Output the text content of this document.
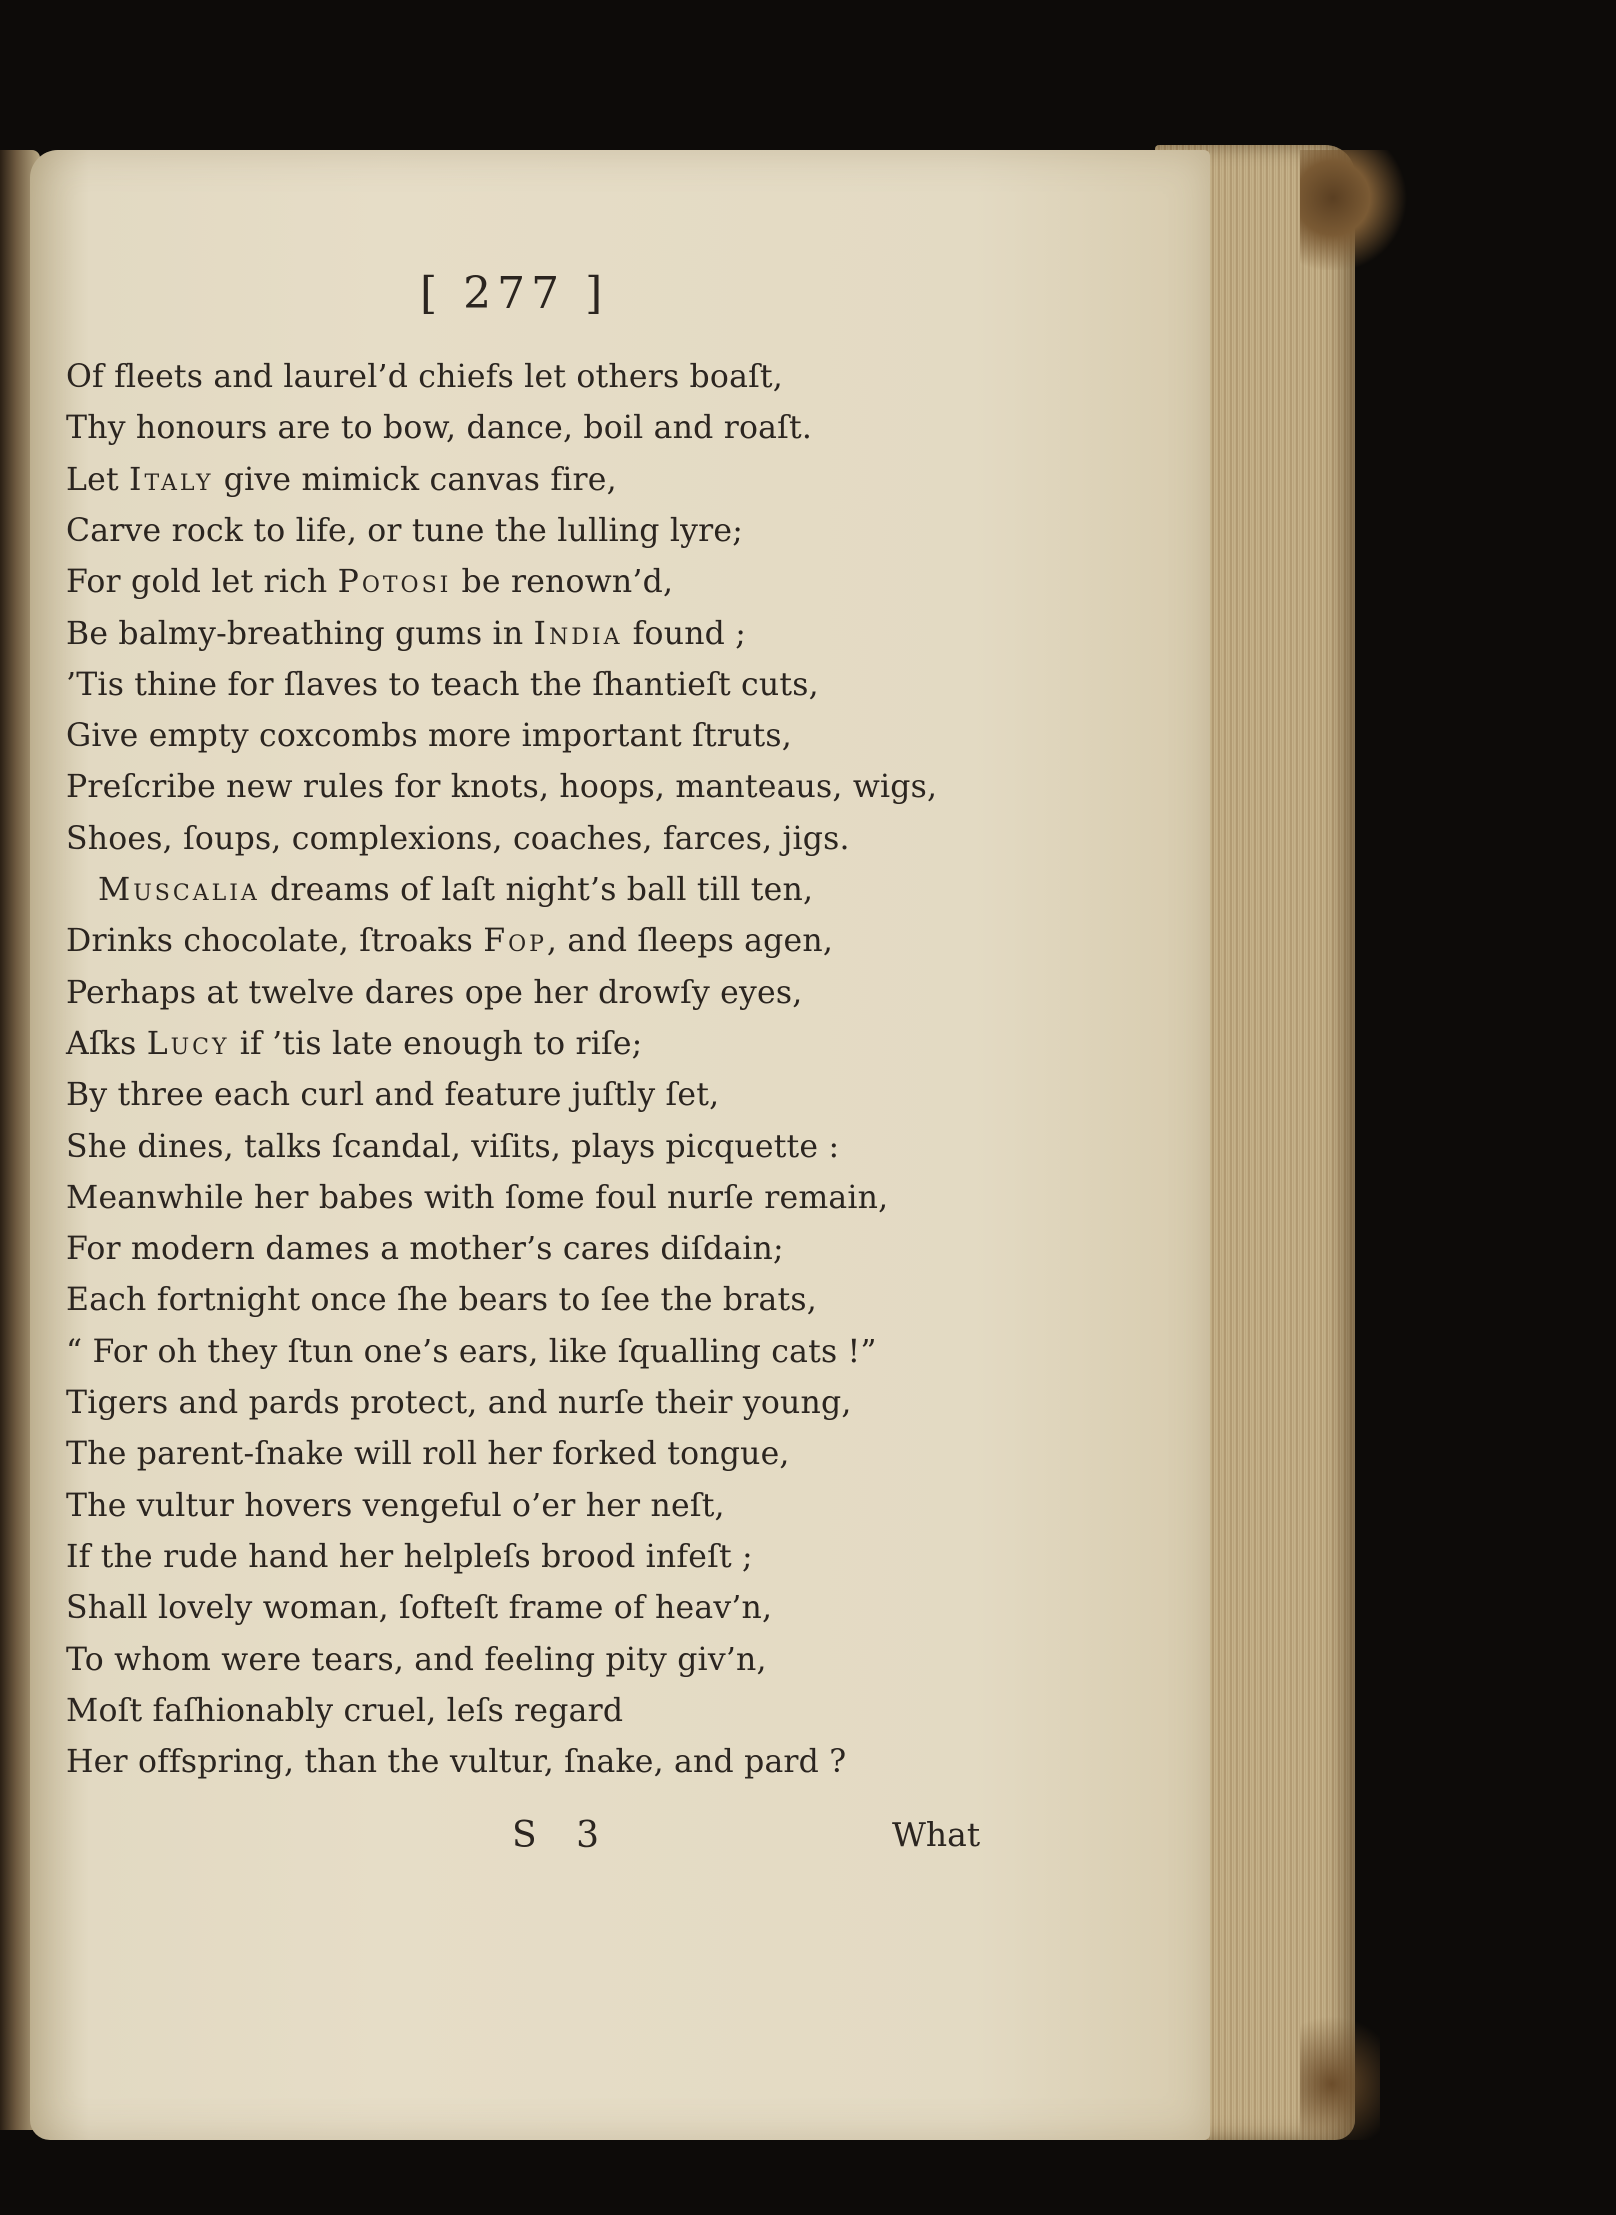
[ 277 ]
Of fleets and laurel’d chiefs let others boaſt,
Thy honours are to bow, dance, boil and roaſt.
Let Italy give mimick canvas fire,
Carve rock to life, or tune the lulling lyre;
For gold let rich Potosi be renown’d,
Be balmy-breathing gums in India found ;
’Tis thine for ſlaves to teach the ſhantieſt cuts,
Give empty coxcombs more important ſtruts,
Preſcribe new rules for knots, hoops, manteaus, wigs,
Shoes, ſoups, complexions, coaches, farces, jigs.
Muscalia dreams of laſt night’s ball till ten,
Drinks chocolate, ſtroaks Fop, and ſleeps agen,
Perhaps at twelve dares ope her drowſy eyes,
Aſks Lucy if ’tis late enough to riſe;
By three each curl and feature juſtly ſet,
She dines, talks ſcandal, viſits, plays picquette :
Meanwhile her babes with ſome foul nurſe remain,
For modern dames a mother’s cares diſdain;
Each fortnight once ſhe bears to ſee the brats,
“ For oh they ſtun one’s ears, like ſqualling cats !”
Tigers and pards protect, and nurſe their young,
The parent-ſnake will roll her forked tongue,
The vultur hovers vengeful o’er her neſt,
If the rude hand her helpleſs brood infeſt ;
Shall lovely woman, ſofteſt frame of heav’n,
To whom were tears, and feeling pity giv’n,
Moſt faſhionably cruel, leſs regard
Her offspring, than the vultur, ſnake, and pard ?
S 3	What
